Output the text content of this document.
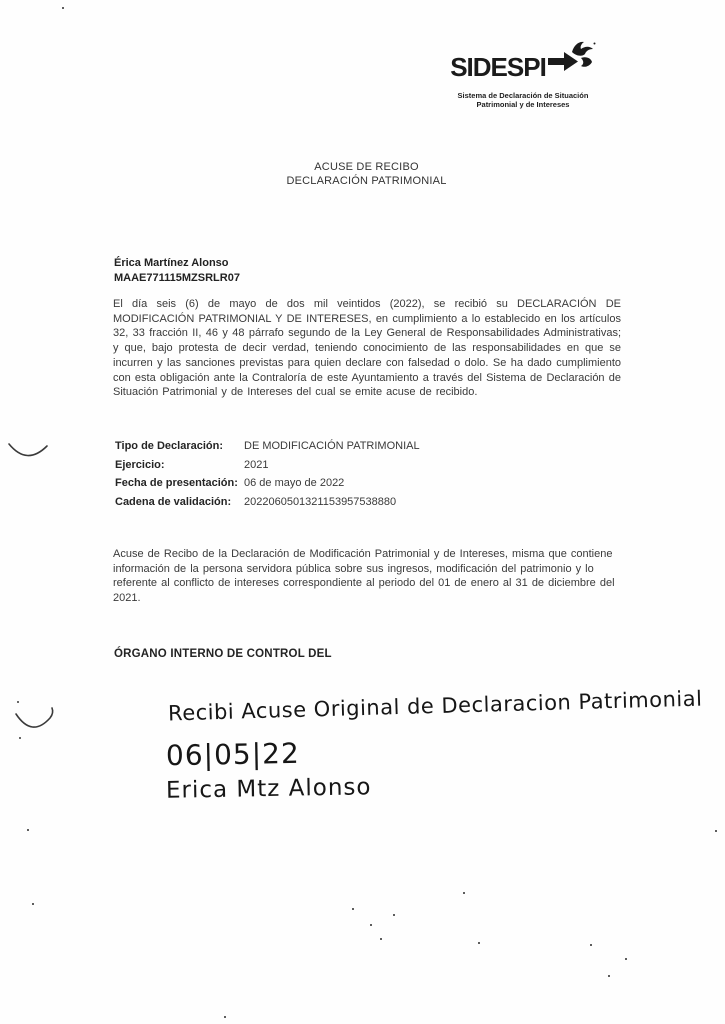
SIDESPI
Sistema de Declaración de Situación
Patrimonial y de Intereses
ACUSE DE RECIBO
DECLARACIÓN PATRIMONIAL
Érica Martínez Alonso
MAAE771115MZSRLR07

El día seis (6) de mayo de dos mil veintidos (2022), se recibió su DECLARACIÓN DE MODIFICACIÓN PATRIMONIAL Y DE INTERESES, en cumplimiento a lo establecido en los artículos 32, 33 fracción II, 46 y 48 párrafo segundo de la Ley General de Responsabilidades Administrativas; y que, bajo protesta de decir verdad, teniendo conocimiento de las responsabilidades en que se incurren y las sanciones previstas para quien declare con falsedad o dolo. Se ha dado cumplimiento con esta obligación ante la Contraloría de este Ayuntamiento a través del Sistema de Declaración de Situación Patrimonial y de Intereses del cual se emite acuse de recibido.

Tipo de Declaración:	DE MODIFICACIÓN PATRIMONIAL
Ejercicio:	2021
Fecha de presentación: 06 de mayo de 2022
Cadena de validación:	2022060501321153957538880

Acuse de Recibo de la Declaración de Modificación Patrimonial y de Intereses, misma que contiene información de la persona servidora pública sobre sus ingresos, modificación del patrimonio y lo referente al conflicto de intereses correspondiente al periodo del 01 de enero al 31 de diciembre del 2021.

ÓRGANO INTERNO DE CONTROL DEL
Recibi Acuse Original de Declaracion Patrimonial
06|05|22
Erica Mtz Alonso
